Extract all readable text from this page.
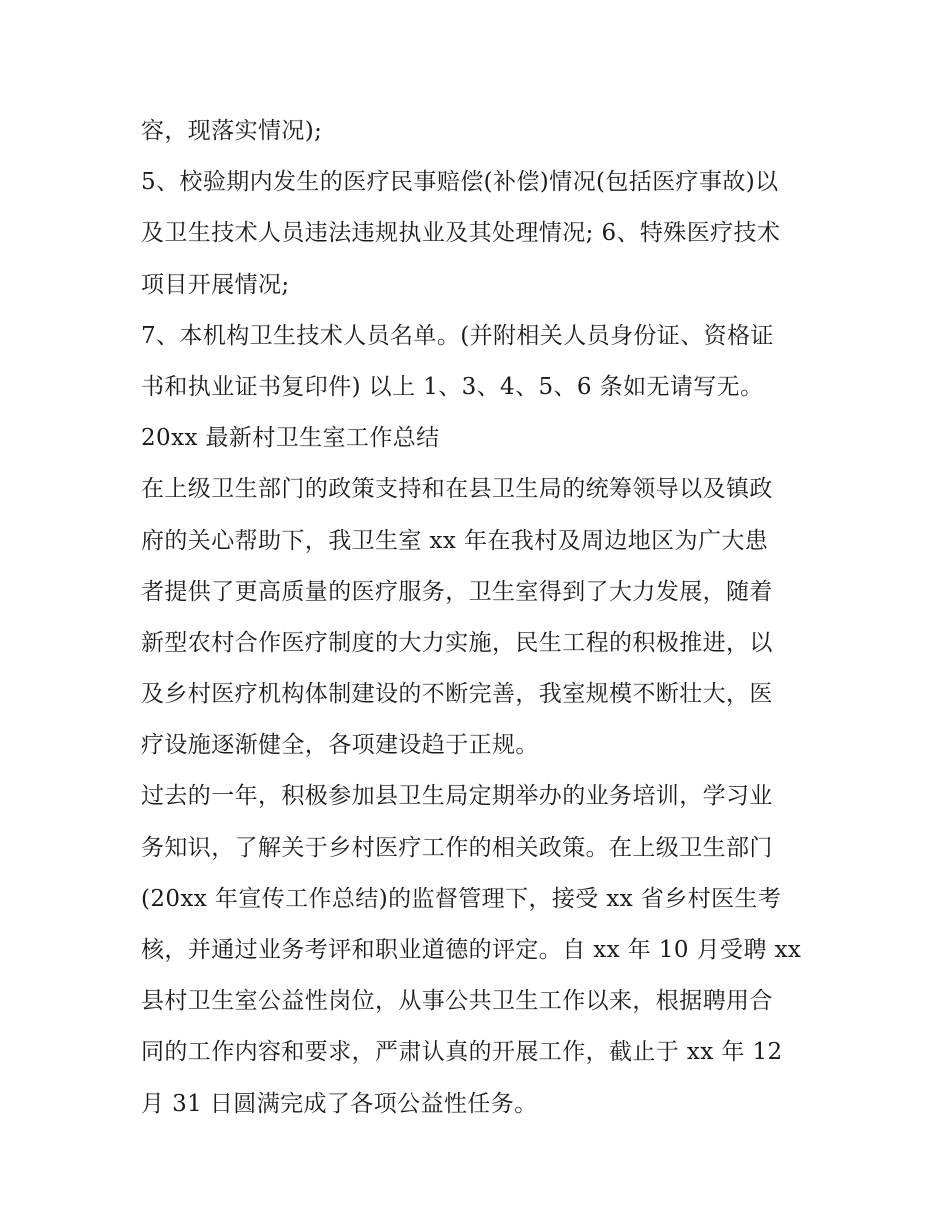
容，现落实情况);
5、校验期内发生的医疗民事赔偿(补偿)情况(包括医疗事故)以
及卫生技术人员违法违规执业及其处理情况; 6、特殊医疗技术
项目开展情况;
7、本机构卫生技术人员名单。(并附相关人员身份证、资格证
书和执业证书复印件) 以上 1、3、4、5、6 条如无请写无。
20xx 最新村卫生室工作总结
在上级卫生部门的政策支持和在县卫生局的统筹领导以及镇政
府的关心帮助下，我卫生室 xx 年在我村及周边地区为广大患
者提供了更高质量的医疗服务，卫生室得到了大力发展，随着
新型农村合作医疗制度的大力实施，民生工程的积极推进，以
及乡村医疗机构体制建设的不断完善，我室规模不断壮大，医
疗设施逐渐健全，各项建设趋于正规。
过去的一年，积极参加县卫生局定期举办的业务培训，学习业
务知识，了解关于乡村医疗工作的相关政策。在上级卫生部门
(20xx 年宣传工作总结)的监督管理下，接受 xx 省乡村医生考
核，并通过业务考评和职业道德的评定。自 xx 年 10 月受聘 xx
县村卫生室公益性岗位，从事公共卫生工作以来，根据聘用合
同的工作内容和要求，严肃认真的开展工作，截止于 xx 年 12
月 31 日圆满完成了各项公益性任务。
